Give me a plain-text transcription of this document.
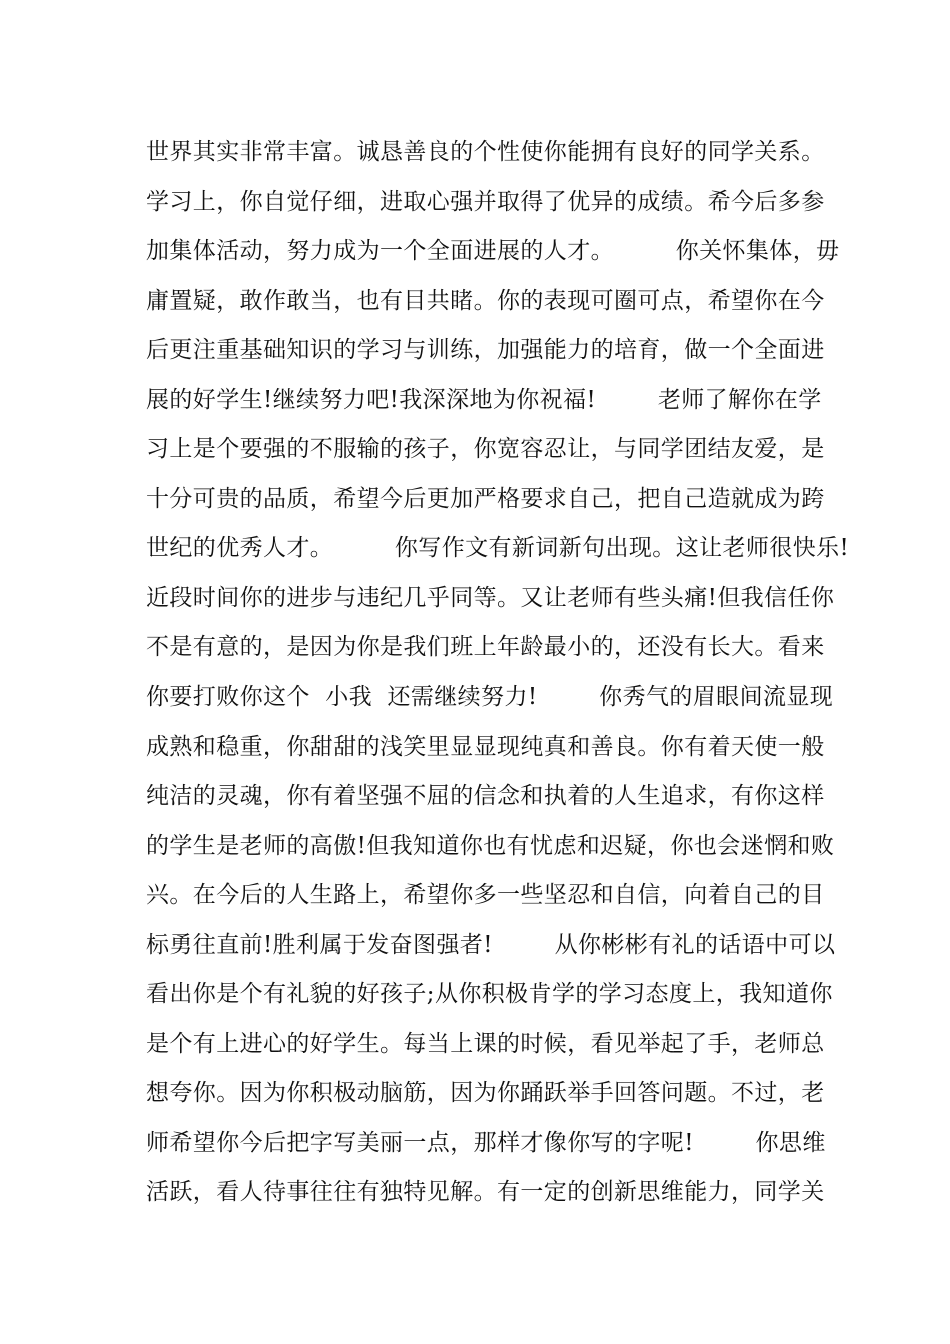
世界其实非常丰富。诚恳善良的个性使你能拥有良好的同学关系。
学习上，你自觉仔细，进取心强并取得了优异的成绩。希今后多参
加集体活动，努力成为一个全面进展的人才。        你关怀集体，毋
庸置疑，敢作敢当，也有目共睹。你的表现可圈可点，希望你在今
后更注重基础知识的学习与训练，加强能力的培育，做一个全面进
展的好学生!继续努力吧!我深深地为你祝福!        老师了解你在学
习上是个要强的不服输的孩子，你宽容忍让，与同学团结友爱，是
十分可贵的品质，希望今后更加严格要求自己，把自己造就成为跨
世纪的优秀人才。        你写作文有新词新句出现。这让老师很快乐!
近段时间你的进步与违纪几乎同等。又让老师有些头痛!但我信任你
不是有意的，是因为你是我们班上年龄最小的，还没有长大。看来
你要打败你这个  小我  还需继续努力!        你秀气的眉眼间流显现
成熟和稳重，你甜甜的浅笑里显显现纯真和善良。你有着天使一般
纯洁的灵魂，你有着坚强不屈的信念和执着的人生追求，有你这样
的学生是老师的高傲!但我知道你也有忧虑和迟疑，你也会迷惘和败
兴。在今后的人生路上，希望你多一些坚忍和自信，向着自己的目
标勇往直前!胜利属于发奋图强者!        从你彬彬有礼的话语中可以
看出你是个有礼貌的好孩子;从你积极肯学的学习态度上，我知道你
是个有上进心的好学生。每当上课的时候，看见举起了手，老师总
想夸你。因为你积极动脑筋，因为你踊跃举手回答问题。不过，老
师希望你今后把字写美丽一点，那样才像你写的字呢!        你思维
活跃，看人待事往往有独特见解。有一定的创新思维能力，同学关
